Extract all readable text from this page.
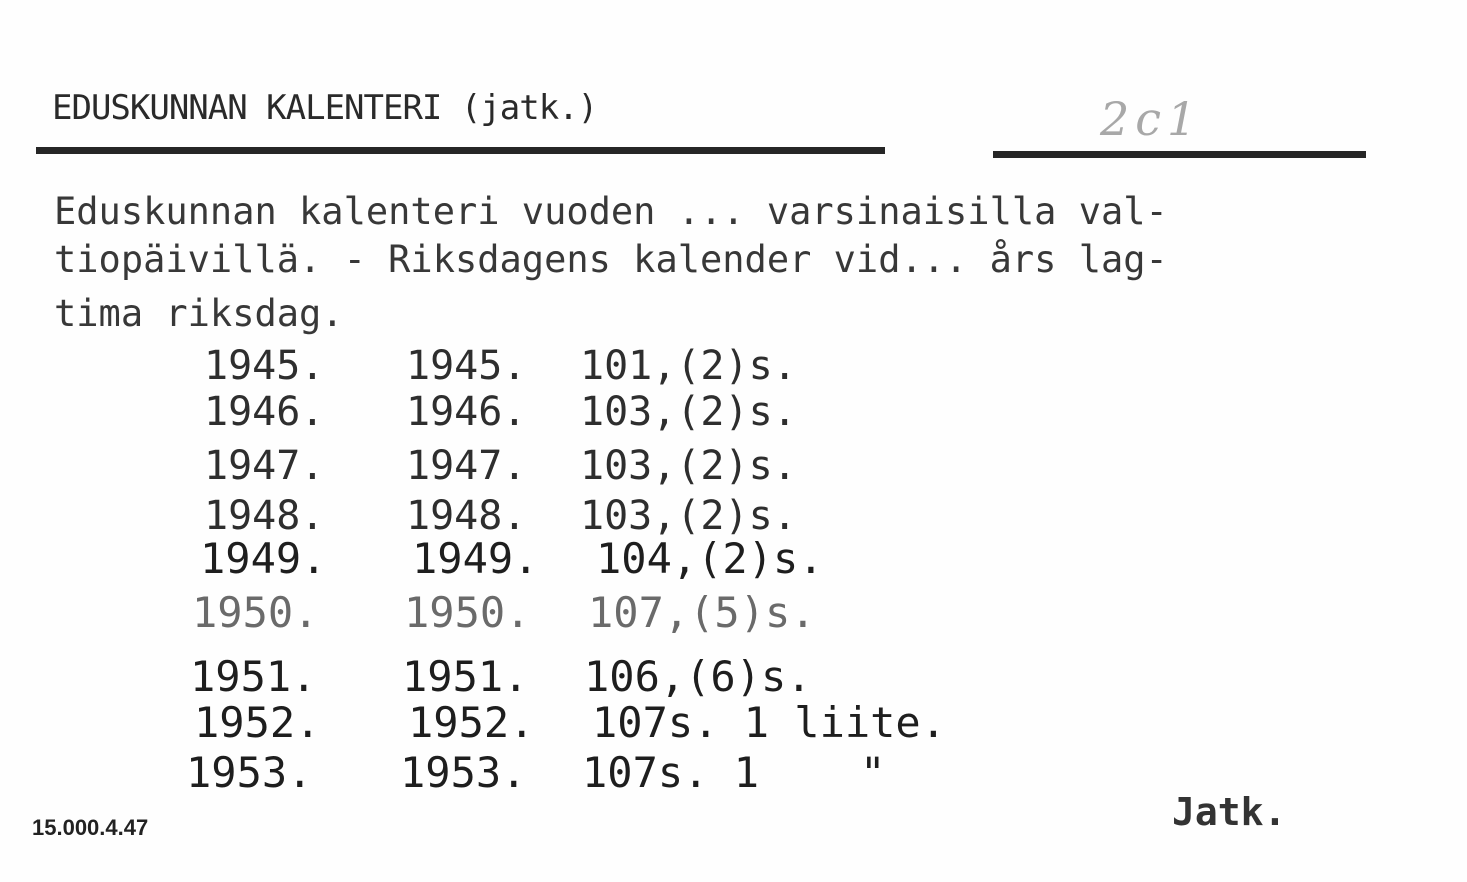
EDUSKUNNAN KALENTERI (jatk.)	2c1
Eduskunnan kalenteri vuoden ... varsinaisilla val-
tiopäivillä. - Riksdagens kalender vid... års lag-
tima riksdag.
1945. 1945. 101,(2)s.
1946. 1946. 103,(2)s.
1947. 1947. 103,(2)s.
1948. 1948. 103,(2)s.
1949. 1949. 104,(2)s.
1950. 1950. 107,(5)s.
1951. 1951. 106,(6)s.
1952. 1952. 107s. 1 liite.
1953. 1953. 107s. 1    "
15.000.4.47	Jatk.
